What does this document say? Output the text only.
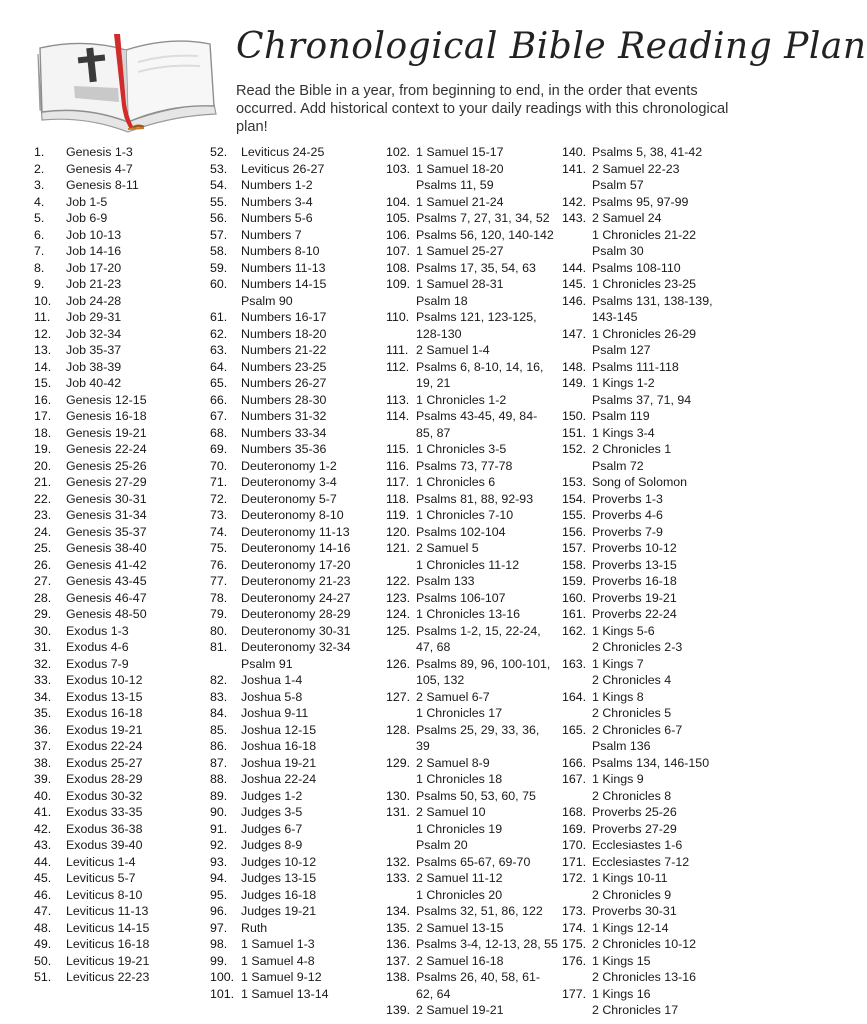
Chronological Bible Reading Plan
Read the Bible in a year, from beginning to end, in the order that events occurred. Add historical context to your daily readings with this chronological plan!
1.	Genesis 1-3
2.	Genesis 4-7
3.	Genesis 8-11
4.	Job 1-5
5.	Job 6-9
6.	Job 10-13
7.	Job 14-16
8.	Job 17-20
9.	Job 21-23
10.	Job 24-28
11.	Job 29-31
12.	Job 32-34
13.	Job 35-37
14.	Job 38-39
15.	Job 40-42
16.	Genesis 12-15
17.	Genesis 16-18
18.	Genesis 19-21
19.	Genesis 22-24
20.	Genesis 25-26
21.	Genesis 27-29
22.	Genesis 30-31
23.	Genesis 31-34
24.	Genesis 35-37
25.	Genesis 38-40
26.	Genesis 41-42
27.	Genesis 43-45
28.	Genesis 46-47
29.	Genesis 48-50
30.	Exodus 1-3
31.	Exodus 4-6
32.	Exodus 7-9
33.	Exodus 10-12
34.	Exodus 13-15
35.	Exodus 16-18
36.	Exodus 19-21
37.	Exodus 22-24
38.	Exodus 25-27
39.	Exodus 28-29
40.	Exodus 30-32
41.	Exodus 33-35
42.	Exodus 36-38
43.	Exodus 39-40
44.	Leviticus 1-4
45.	Leviticus 5-7
46.	Leviticus 8-10
47.	Leviticus 11-13
48.	Leviticus 14-15
49.	Leviticus 16-18
50.	Leviticus 19-21
51.	Leviticus 22-23
52.	Leviticus 24-25
53.	Leviticus 26-27
54.	Numbers 1-2
55.	Numbers 3-4
56.	Numbers 5-6
57.	Numbers 7
58.	Numbers 8-10
59.	Numbers 11-13
60.	Numbers 14-15
Psalm 90
61.	Numbers 16-17
62.	Numbers 18-20
63.	Numbers 21-22
64.	Numbers 23-25
65.	Numbers 26-27
66.	Numbers 28-30
67.	Numbers 31-32
68.	Numbers 33-34
69.	Numbers 35-36
70.	Deuteronomy 1-2
71.	Deuteronomy 3-4
72.	Deuteronomy 5-7
73.	Deuteronomy 8-10
74.	Deuteronomy 11-13
75.	Deuteronomy 14-16
76.	Deuteronomy 17-20
77.	Deuteronomy 21-23
78.	Deuteronomy 24-27
79.	Deuteronomy 28-29
80.	Deuteronomy 30-31
81.	Deuteronomy 32-34
Psalm 91
82.	Joshua 1-4
83.	Joshua 5-8
84.	Joshua 9-11
85.	Joshua 12-15
86.	Joshua 16-18
87.	Joshua 19-21
88.	Joshua 22-24
89.	Judges 1-2
90.	Judges 3-5
91.	Judges 6-7
92.	Judges 8-9
93.	Judges 10-12
94.	Judges 13-15
95.	Judges 16-18
96.	Judges 19-21
97.	Ruth
98.	1 Samuel 1-3
99.	1 Samuel 4-8
100. 1 Samuel 9-12
101. 1 Samuel 13-14
102. 1 Samuel 15-17
103. 1 Samuel 18-20
Psalms 11, 59
104. 1 Samuel 21-24
105. Psalms 7, 27, 31, 34, 52
106. Psalms 56, 120, 140-142
107. 1 Samuel 25-27
108. Psalms 17, 35, 54, 63
109. 1 Samuel 28-31
Psalm 18
110. Psalms 121, 123-125,
128-130
111. 2 Samuel 1-4
112. Psalms 6, 8-10, 14, 16,
19, 21
113. 1 Chronicles 1-2
114. Psalms 43-45, 49, 84-
85, 87
115. 1 Chronicles 3-5
116. Psalms 73, 77-78
117. 1 Chronicles 6
118. Psalms 81, 88, 92-93
119. 1 Chronicles 7-10
120. Psalms 102-104
121. 2 Samuel 5
1 Chronicles 11-12
122. Psalm 133
123. Psalms 106-107
124. 1 Chronicles 13-16
125. Psalms 1-2, 15, 22-24,
47, 68
126. Psalms 89, 96, 100-101,
105, 132
127. 2 Samuel 6-7
1 Chronicles 17
128. Psalms 25, 29, 33, 36,
39
129. 2 Samuel 8-9
1 Chronicles 18
130. Psalms 50, 53, 60, 75
131. 2 Samuel 10
1 Chronicles 19
Psalm 20
132. Psalms 65-67, 69-70
133. 2 Samuel 11-12
1 Chronicles 20
134. Psalms 32, 51, 86, 122
135. 2 Samuel 13-15
136. Psalms 3-4, 12-13, 28, 55
137. 2 Samuel 16-18
138. Psalms 26, 40, 58, 61-
62, 64
139. 2 Samuel 19-21
140. Psalms 5, 38, 41-42
141. 2 Samuel 22-23
Psalm 57
142. Psalms 95, 97-99
143. 2 Samuel 24
1 Chronicles 21-22
Psalm 30
144. Psalms 108-110
145. 1 Chronicles 23-25
146. Psalms 131, 138-139,
143-145
147. 1 Chronicles 26-29
Psalm 127
148. Psalms 111-118
149. 1 Kings 1-2
Psalms 37, 71, 94
150. Psalm 119
151. 1 Kings 3-4
152. 2 Chronicles 1
Psalm 72
153. Song of Solomon
154. Proverbs 1-3
155. Proverbs 4-6
156. Proverbs 7-9
157. Proverbs 10-12
158. Proverbs 13-15
159. Proverbs 16-18
160. Proverbs 19-21
161. Proverbs 22-24
162. 1 Kings 5-6
2 Chronicles 2-3
163. 1 Kings 7
2 Chronicles 4
164. 1 Kings 8
2 Chronicles 5
165. 2 Chronicles 6-7
Psalm 136
166. Psalms 134, 146-150
167. 1 Kings 9
2 Chronicles 8
168. Proverbs 25-26
169. Proverbs 27-29
170. Ecclesiastes 1-6
171. Ecclesiastes 7-12
172. 1 Kings 10-11
2 Chronicles 9
173. Proverbs 30-31
174. 1 Kings 12-14
175. 2 Chronicles 10-12
176. 1 Kings 15
2 Chronicles 13-16
177. 1 Kings 16
2 Chronicles 17
